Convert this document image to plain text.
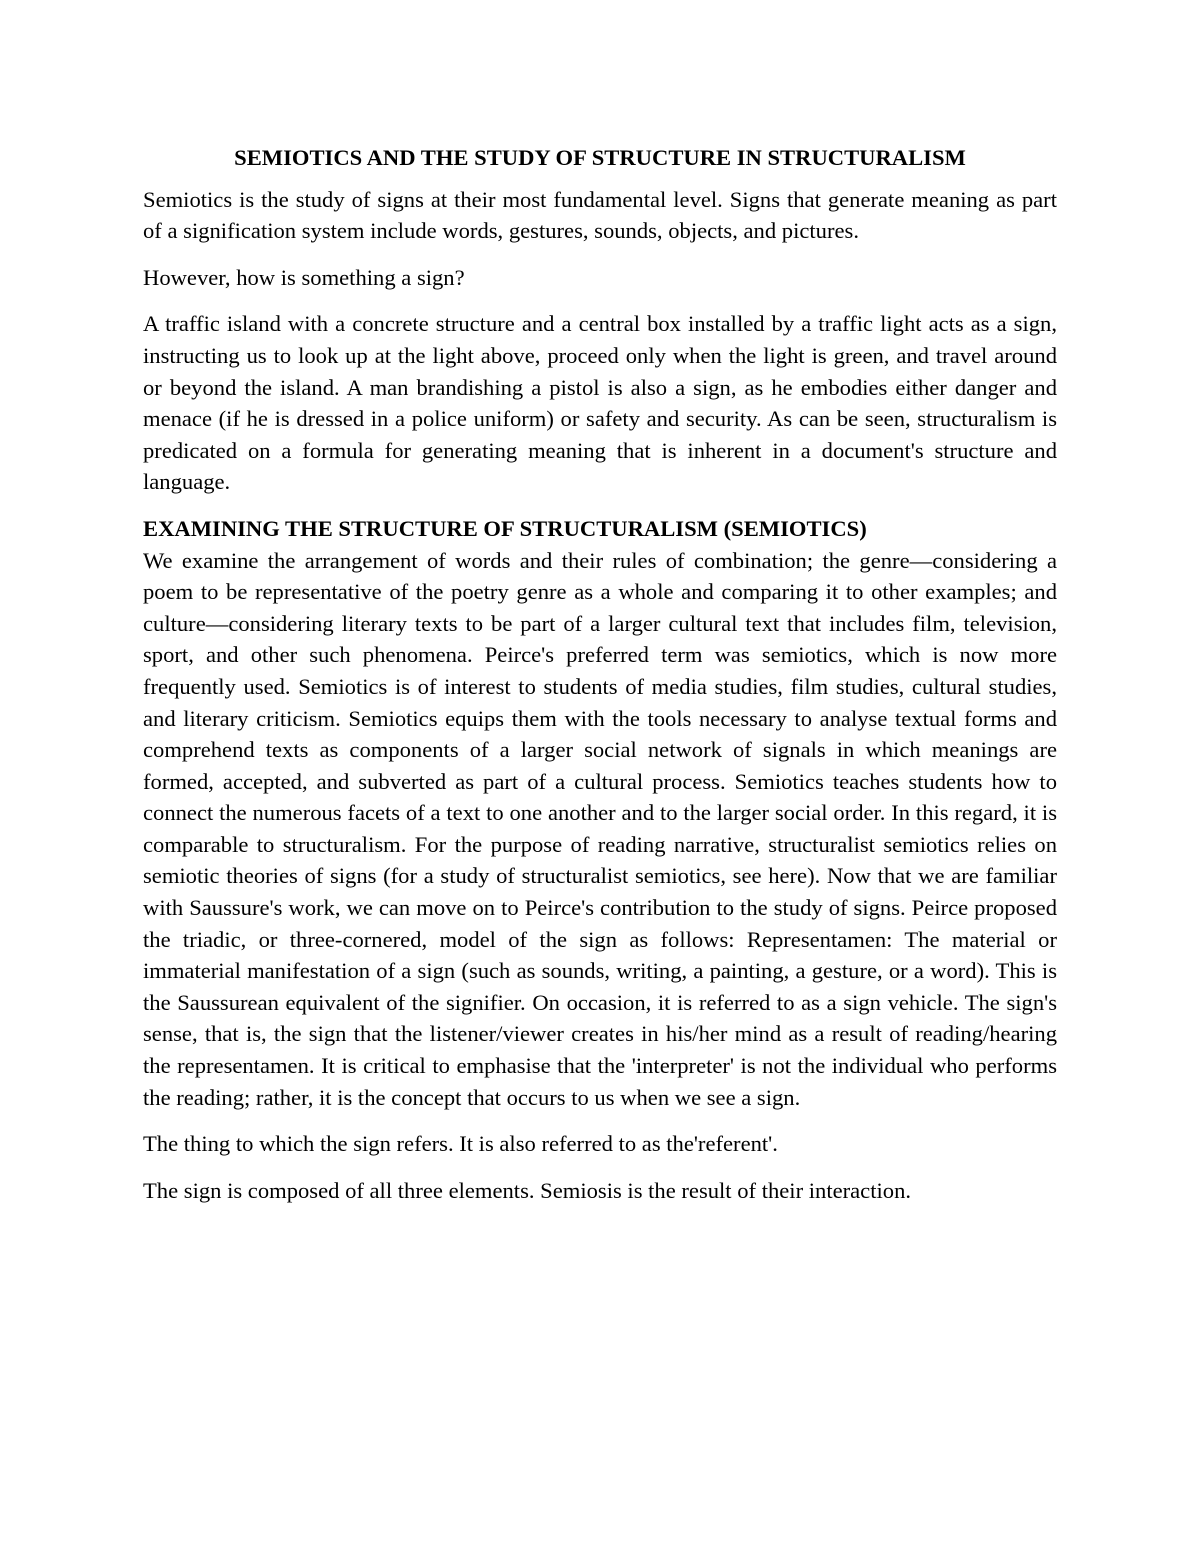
SEMIOTICS AND THE STUDY OF STRUCTURE IN STRUCTURALISM

Semiotics is the study of signs at their most fundamental level. Signs that generate meaning as part of a signification system include words, gestures, sounds, objects, and pictures.

However, how is something a sign?

A traffic island with a concrete structure and a central box installed by a traffic light acts as a sign, instructing us to look up at the light above, proceed only when the light is green, and travel around or beyond the island. A man brandishing a pistol is also a sign, as he embodies either danger and menace (if he is dressed in a police uniform) or safety and security. As can be seen, structuralism is predicated on a formula for generating meaning that is inherent in a document's structure and language.

EXAMINING THE STRUCTURE OF STRUCTURALISM (SEMIOTICS)

We examine the arrangement of words and their rules of combination; the genre—considering a poem to be representative of the poetry genre as a whole and comparing it to other examples; and culture—considering literary texts to be part of a larger cultural text that includes film, television, sport, and other such phenomena. Peirce's preferred term was semiotics, which is now more frequently used. Semiotics is of interest to students of media studies, film studies, cultural studies, and literary criticism. Semiotics equips them with the tools necessary to analyse textual forms and comprehend texts as components of a larger social network of signals in which meanings are formed, accepted, and subverted as part of a cultural process. Semiotics teaches students how to connect the numerous facets of a text to one another and to the larger social order. In this regard, it is comparable to structuralism. For the purpose of reading narrative, structuralist semiotics relies on semiotic theories of signs (for a study of structuralist semiotics, see here). Now that we are familiar with Saussure's work, we can move on to Peirce's contribution to the study of signs. Peirce proposed the triadic, or three-cornered, model of the sign as follows: Representamen: The material or immaterial manifestation of a sign (such as sounds, writing, a painting, a gesture, or a word). This is the Saussurean equivalent of the signifier. On occasion, it is referred to as a sign vehicle. The sign's sense, that is, the sign that the listener/viewer creates in his/her mind as a result of reading/hearing the representamen. It is critical to emphasise that the 'interpreter' is not the individual who performs the reading; rather, it is the concept that occurs to us when we see a sign.

The thing to which the sign refers. It is also referred to as the'referent'.

The sign is composed of all three elements. Semiosis is the result of their interaction.
